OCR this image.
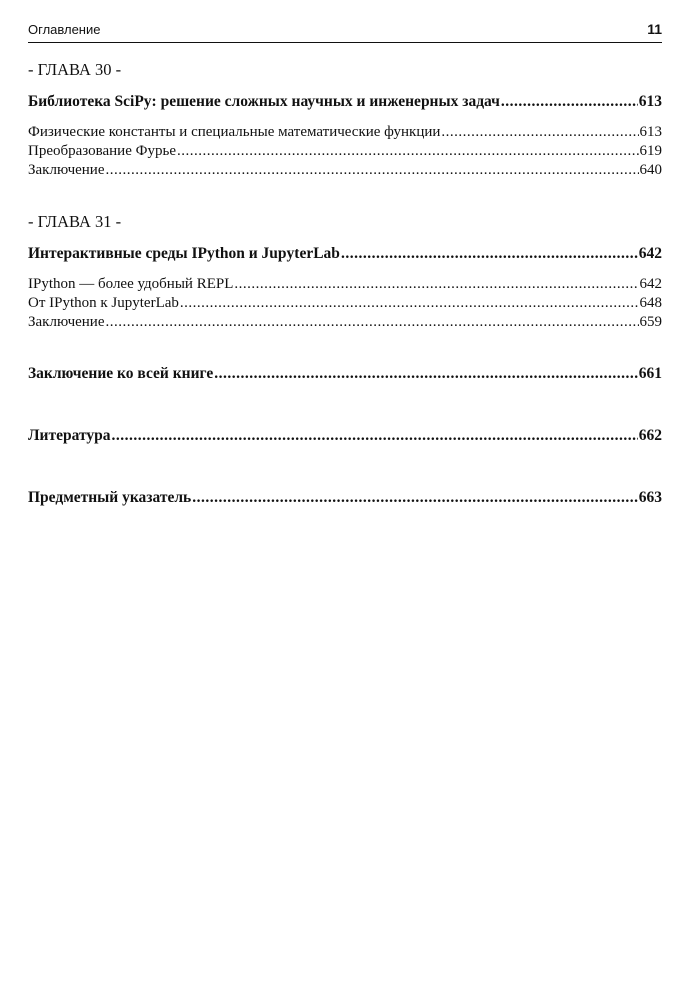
Оглавление	11
- ГЛАВА 30 -
Библиотека SciPy: решение сложных научных и инженерных задач .....	613
Физические константы и специальные математические функции .....	613
Преобразование Фурье .....	619
Заключение .....	640
- ГЛАВА 31 -
Интерактивные среды IPython и JupyterLab .....	642
IPython — более удобный REPL .....	642
От IPython к JupyterLab .....	648
Заключение .....	659
Заключение ко всей книге .....	661
Литература .....	662
Предметный указатель .....	663
